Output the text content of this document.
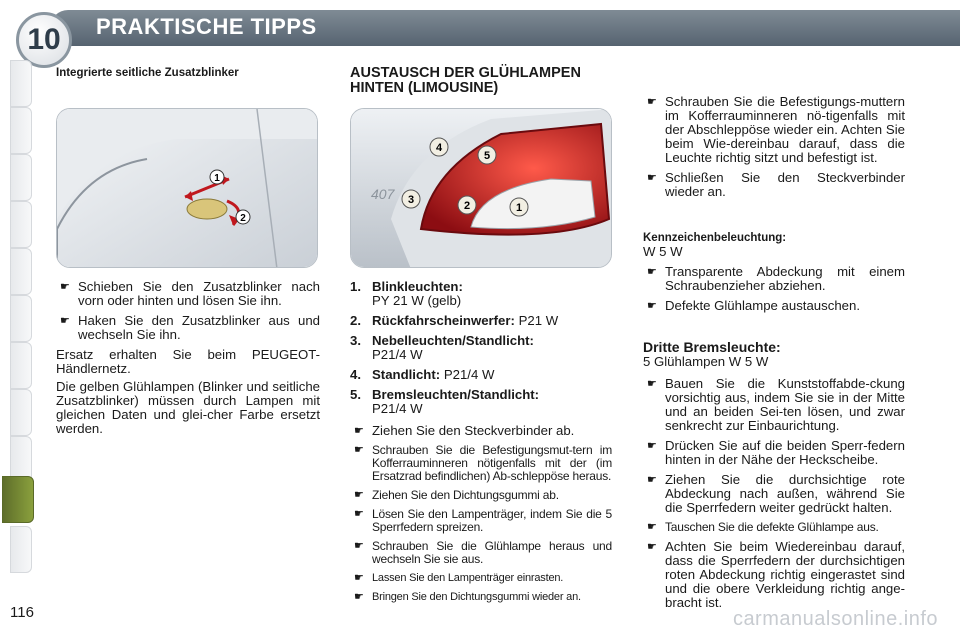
10 PRAKTISCHE TIPPS
Integrierte seitliche Zusatzblinker
1
2
☛ Schieben Sie den Zusatzblinker nach vorn oder hinten und lösen Sie ihn.
☛ Haken Sie den Zusatzblinker aus und wechseln Sie ihn.

Ersatz erhalten Sie beim PEUGEOT-Händlernetz.

Die gelben Glühlampen (Blinker und seitliche Zusatzblinker) müssen durch Lampen mit gleichen Daten und glei-cher Farbe ersetzt werden.

AUSTAUSCH DER GLÜHLAMPEN HINTEN (LIMOUSINE)
407
4
5
3	2	1
1. Blinkleuchten:
PY 21 W (gelb)
2. Rückfahrscheinwerfer: P21 W
3. Nebelleuchten/Standlicht:
P21/4 W
4. Standlicht: P21/4 W
5. Bremsleuchten/Standlicht:
P21/4 W
☛ Ziehen Sie den Steckverbinder ab.
☛ Schrauben Sie die Befestigungsmut-tern im Kofferrauminneren nötigenfalls mit der (im Ersatzrad befindlichen) Ab-schleppöse heraus.
☛ Ziehen Sie den Dichtungsgummi ab.
☛ Lösen Sie den Lampenträger, indem Sie die 5 Sperrfedern spreizen.
☛ Schrauben Sie die Glühlampe heraus und wechseln Sie sie aus.
☛ Lassen Sie den Lampenträger einrasten.
☛ Bringen Sie den Dichtungsgummi wieder an.
☛ Schrauben Sie die Befestigungs-muttern im Kofferrauminneren nö-tigenfalls mit der Abschleppöse wieder ein. Achten Sie beim Wie-dereinbau darauf, dass die Leuchte richtig sitzt und befestigt ist.
☛ Schließen Sie den Steckverbinder wieder an.
Kennzeichenbeleuchtung:

W 5 W

☛ Transparente Abdeckung mit einem Schraubenzieher abziehen.
☛ Defekte Glühlampe austauschen.
Dritte Bremsleuchte:

5 Glühlampen W 5 W

☛ Bauen Sie die Kunststoffabde-ckung vorsichtig aus, indem Sie sie in der Mitte und an beiden Sei-ten lösen, und zwar senkrecht zur Einbaurichtung.
☛ Drücken Sie auf die beiden Sperr-federn hinten in der Nähe der Heckscheibe.
☛ Ziehen Sie die durchsichtige rote Abdeckung nach außen, während Sie die Sperrfedern weiter gedrückt halten.
☛ Tauschen Sie die defekte Glühlampe aus.
☛ Achten Sie beim Wiedereinbau darauf, dass die Sperrfedern der durchsichtigen roten Abdeckung richtig eingerastet sind und die obere Verkleidung richtig ange-bracht ist.
116	carmanualsonline.info
